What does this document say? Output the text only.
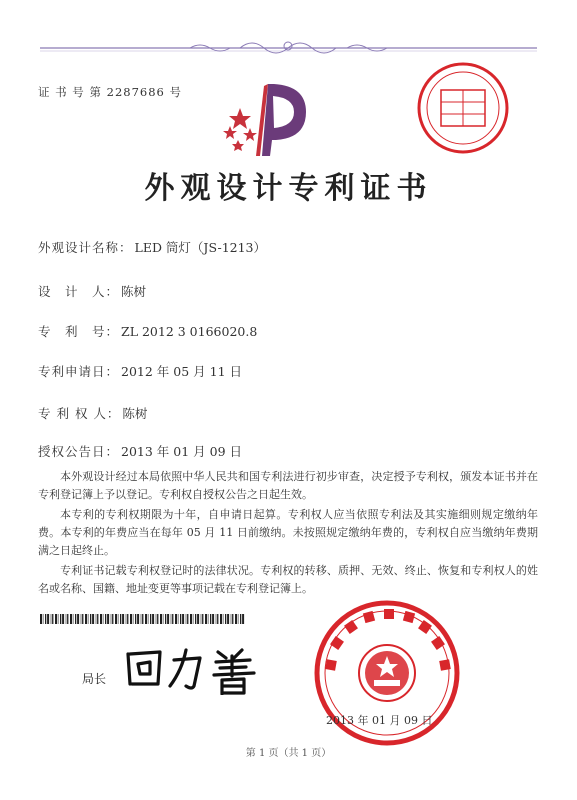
证 书 号 第 2287686 号
外观设计专利证书
外观设计名称： LED 筒灯（JS-1213）
设　计　人： 陈树
专　利　号： ZL 2012 3 0166020.8
专利申请日： 2012 年 05 月 11 日
专 利 权 人： 陈树
授权公告日： 2013 年 01 月 09 日
本外观设计经过本局依照中华人民共和国专利法进行初步审查，决定授予专利权，颁发本证书并在专利登记簿上予以登记。专利权自授权公告之日起生效。
本专利的专利权期限为十年，自申请日起算。专利权人应当依照专利法及其实施细则规定缴纳年费。本专利的年费应当在每年 05 月 11 日前缴纳。未按照规定缴纳年费的，专利权自应当缴纳年费期满之日起终止。
专利证书记载专利权登记时的法律状况。专利权的转移、质押、无效、终止、恢复和专利权人的姓名或名称、国籍、地址变更等事项记载在专利登记簿上。
局长
2013 年 01 月 09 日
第 1 页（共 1 页）
